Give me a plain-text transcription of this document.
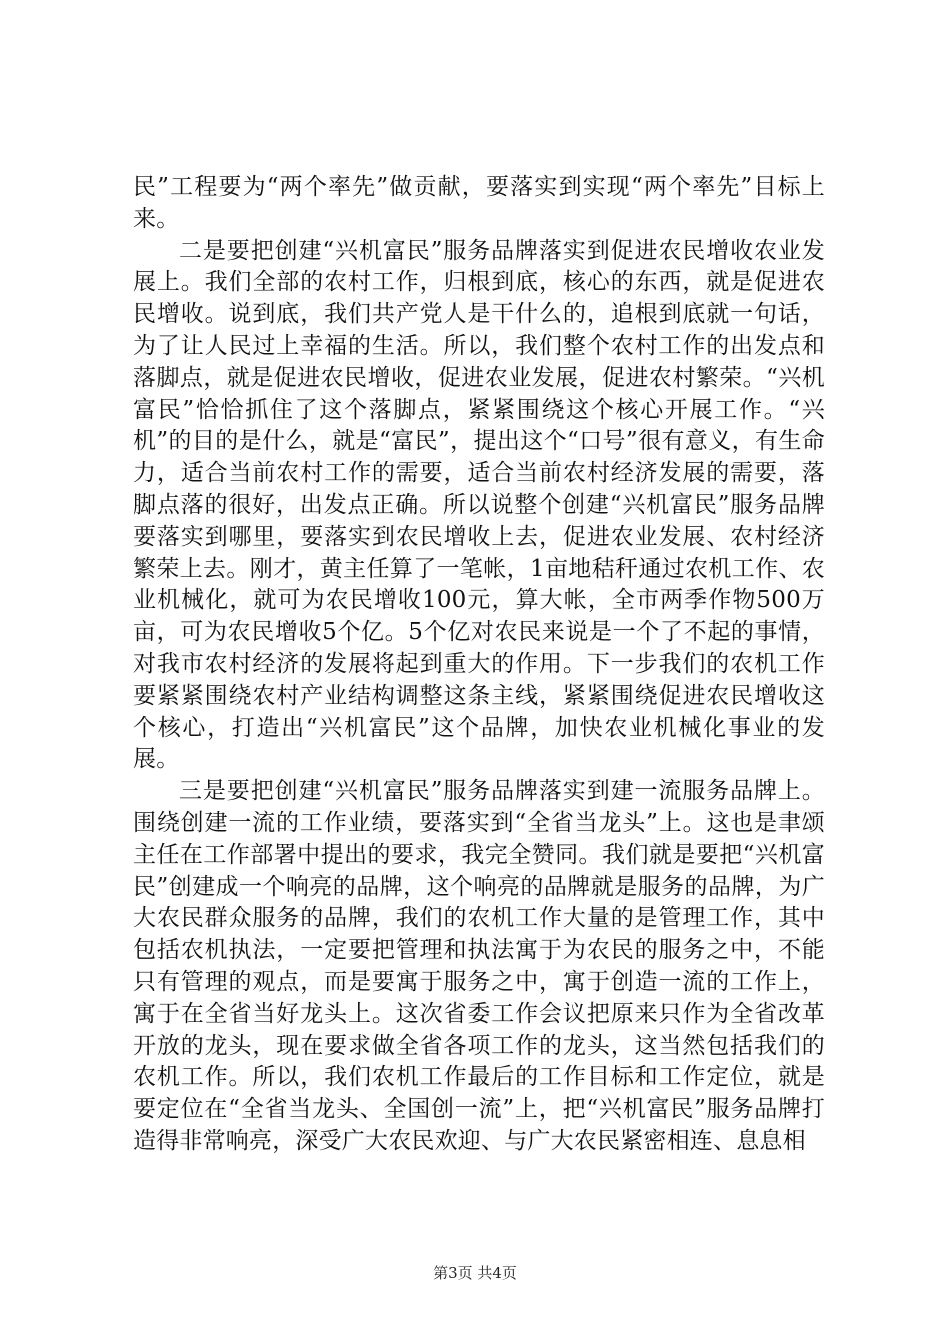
民”工程要为“两个率先”做贡献，要落实到实现“两个率先”目标上来。

二是要把创建“兴机富民”服务品牌落实到促进农民增收农业发展上。我们全部的农村工作，归根到底，核心的东西，就是促进农民增收。说到底，我们共产党人是干什么的，追根到底就一句话，为了让人民过上幸福的生活。所以，我们整个农村工作的出发点和落脚点，就是促进农民增收，促进农业发展，促进农村繁荣。“兴机富民”恰恰抓住了这个落脚点，紧紧围绕这个核心开展工作。“兴机”的目的是什么，就是“富民”，提出这个“口号”很有意义，有生命力，适合当前农村工作的需要，适合当前农村经济发展的需要，落脚点落的很好，出发点正确。所以说整个创建“兴机富民”服务品牌要落实到哪里，要落实到农民增收上去，促进农业发展、农村经济繁荣上去。刚才，黄主任算了一笔帐，1亩地秸秆通过农机工作、农业机械化，就可为农民增收100元，算大帐，全市两季作物500万亩，可为农民增收5个亿。5个亿对农民来说是一个了不起的事情，对我市农村经济的发展将起到重大的作用。下一步我们的农机工作要紧紧围绕农村产业结构调整这条主线，紧紧围绕促进农民增收这个核心，打造出“兴机富民”这个品牌，加快农业机械化事业的发展。

三是要把创建“兴机富民”服务品牌落实到建一流服务品牌上。围绕创建一流的工作业绩，要落实到“全省当龙头”上。这也是聿颂主任在工作部署中提出的要求，我完全赞同。我们就是要把“兴机富民”创建成一个响亮的品牌，这个响亮的品牌就是服务的品牌，为广大农民群众服务的品牌，我们的农机工作大量的是管理工作，其中包括农机执法，一定要把管理和执法寓于为农民的服务之中，不能只有管理的观点，而是要寓于服务之中，寓于创造一流的工作上，寓于在全省当好龙头上。这次省委工作会议把原来只作为全省改革开放的龙头，现在要求做全省各项工作的龙头，这当然包括我们的农机工作。所以，我们农机工作最后的工作目标和工作定位，就是要定位在“全省当龙头、全国创一流”上，把“兴机富民”服务品牌打造得非常响亮，深受广大农民欢迎、与广大农民紧密相连、息息相

第3页 共4页
